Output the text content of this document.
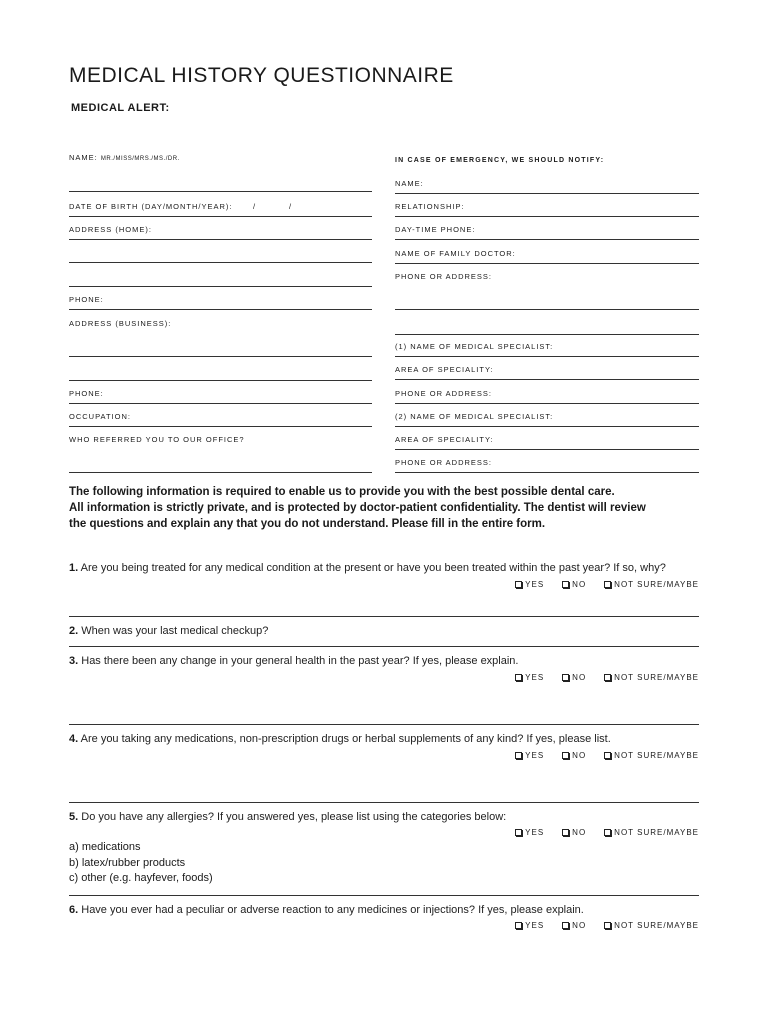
MEDICAL HISTORY QUESTIONNAIRE
MEDICAL ALERT:
NAME: MR./MISS/MRS./MS./DR.
DATE OF BIRTH (DAY/MONTH/YEAR):	/	/
ADDRESS (HOME):
PHONE:
ADDRESS (BUSINESS):
PHONE:
OCCUPATION:
WHO REFERRED YOU TO OUR OFFICE?
IN CASE OF EMERGENCY, WE SHOULD NOTIFY:
NAME:
RELATIONSHIP:
DAY-TIME PHONE:
NAME OF FAMILY DOCTOR:
PHONE OR ADDRESS:
(1) NAME OF MEDICAL SPECIALIST:
AREA OF SPECIALITY:
PHONE OR ADDRESS:
(2) NAME OF MEDICAL SPECIALIST:
AREA OF SPECIALITY:
PHONE OR ADDRESS:
The following information is required to enable us to provide you with the best possible dental care.
All information is strictly private, and is protected by doctor-patient confidentiality. The dentist will review
the questions and explain any that you do not understand. Please fill in the entire form.
1. Are you being treated for any medical condition at the present or have you been treated within the past year? If so, why?
YES	NO	NOT SURE/MAYBE
2. When was your last medical checkup?
3. Has there been any change in your general health in the past year? If yes, please explain.
YES	NO	NOT SURE/MAYBE
4. Are you taking any medications, non-prescription drugs or herbal supplements of any kind? If yes, please list.
YES	NO	NOT SURE/MAYBE
5. Do you have any allergies? If you answered yes, please list using the categories below:
YES	NO	NOT SURE/MAYBE
a) medications
b) latex/rubber products
c) other (e.g. hayfever, foods)
6. Have you ever had a peculiar or adverse reaction to any medicines or injections? If yes, please explain.
YES	NO	NOT SURE/MAYBE
